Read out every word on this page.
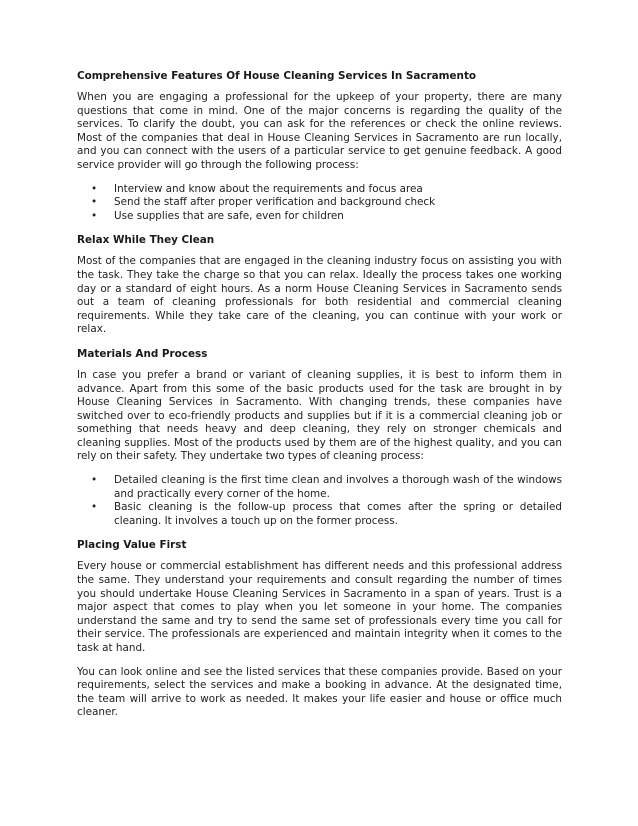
Comprehensive Features Of House Cleaning Services In Sacramento

When you are engaging a professional for the upkeep of your property, there are many questions that come in mind. One of the major concerns is regarding the quality of the services. To clarify the doubt, you can ask for the references or check the online reviews. Most of the companies that deal in House Cleaning Services in Sacramento are run locally, and you can connect with the users of a particular service to get genuine feedback. A good service provider will go through the following process:

• Interview and know about the requirements and focus area
• Send the staff after proper verification and background check
• Use supplies that are safe, even for children
Relax While They Clean

Most of the companies that are engaged in the cleaning industry focus on assisting you with the task. They take the charge so that you can relax. Ideally the process takes one working day or a standard of eight hours. As a norm House Cleaning Services in Sacramento sends out a team of cleaning professionals for both residential and commercial cleaning requirements. While they take care of the cleaning, you can continue with your work or relax.

Materials And Process

In case you prefer a brand or variant of cleaning supplies, it is best to inform them in advance. Apart from this some of the basic products used for the task are brought in by House Cleaning Services in Sacramento. With changing trends, these companies have switched over to eco-friendly products and supplies but if it is a commercial cleaning job or something that needs heavy and deep cleaning, they rely on stronger chemicals and cleaning supplies. Most of the products used by them are of the highest quality, and you can rely on their safety. They undertake two types of cleaning process:

• Detailed cleaning is the first time clean and involves a thorough wash of the windows and practically every corner of the home.
• Basic cleaning is the follow-up process that comes after the spring or detailed cleaning. It involves a touch up on the former process.
Placing Value First

Every house or commercial establishment has different needs and this professional address the same. They understand your requirements and consult regarding the number of times you should undertake House Cleaning Services in Sacramento in a span of years. Trust is a major aspect that comes to play when you let someone in your home. The companies understand the same and try to send the same set of professionals every time you call for their service. The professionals are experienced and maintain integrity when it comes to the task at hand.

You can look online and see the listed services that these companies provide. Based on your requirements, select the services and make a booking in advance. At the designated time, the team will arrive to work as needed. It makes your life easier and house or office much cleaner.
